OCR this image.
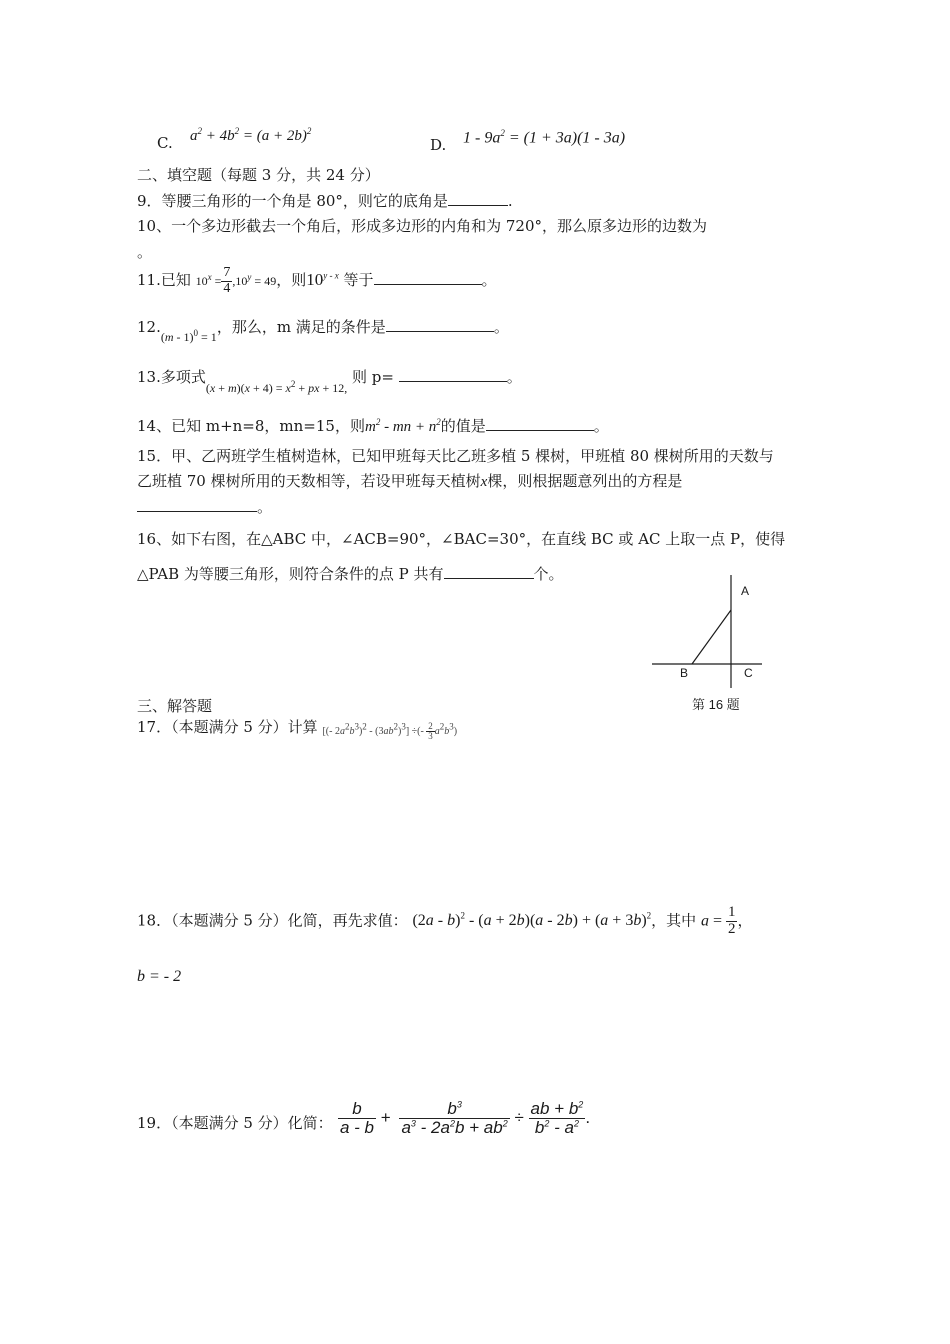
C. $a^2 + 4b^2 = (a + 2b)^2$
D. $1 - 9a^2 = (1 + 3a)(1 - 3a)$
二、填空题（每题 3 分，共 24 分）
9．等腰三角形的一个角是 80°，则它的底角是	.
10、一个多边形截去一个角后，形成多边形的内角和为 720°，那么原多边形的边数为
。
11.已知 $10^x = \frac{7}{4} ,10^y = 49$，则10$^{y - x}$ 等于	。
$12._{(m - 1)^0 = 1}$，那么，m 满足的条件是	。
13.多项式$_{(x + m)(x + 4) = x^2 + px + 12,}$ 则 p=	。
14、已知 m+n=8，mn=15，则$m^2$ - mn + $n^2$的值是	。
15．甲、乙两班学生植树造林，已知甲班每天比乙班多植 5 棵树，甲班植 80 棵树所用的天数与
乙班植 70 棵树所用的天数相等，若设甲班每天植树x棵，则根据题意列出的方程是
。
16、如下右图，在△ABC 中，∠ACB=90°，∠BAC=30°，在直线 BC 或 AC 上取一点 P，使得
△PAB 为等腰三角形，则符合条件的点 P 共有	个。
A
B	C
第 16 题
三、解答题
17．（本题满分 5 分）计算 [(- $2a^2b^3)^2 - (3ab^2)^3$] ÷(- $\frac{2}{3} a^2b^3$)
18．（本题满分 5 分）化简，再先求值： $(2a - b)^2 - (a + 2b)(a - 2b) + (a + 3b)^2$，其中 $a = \frac{1}{2}$ ，
b = - 2
19．（本题满分 5 分）化简： $\frac{b}{a - b} + \frac{b^3}{a^3 - 2a^2b + ab^2} \div \frac{ab + b^2}{b^2 - a^2}$ .
